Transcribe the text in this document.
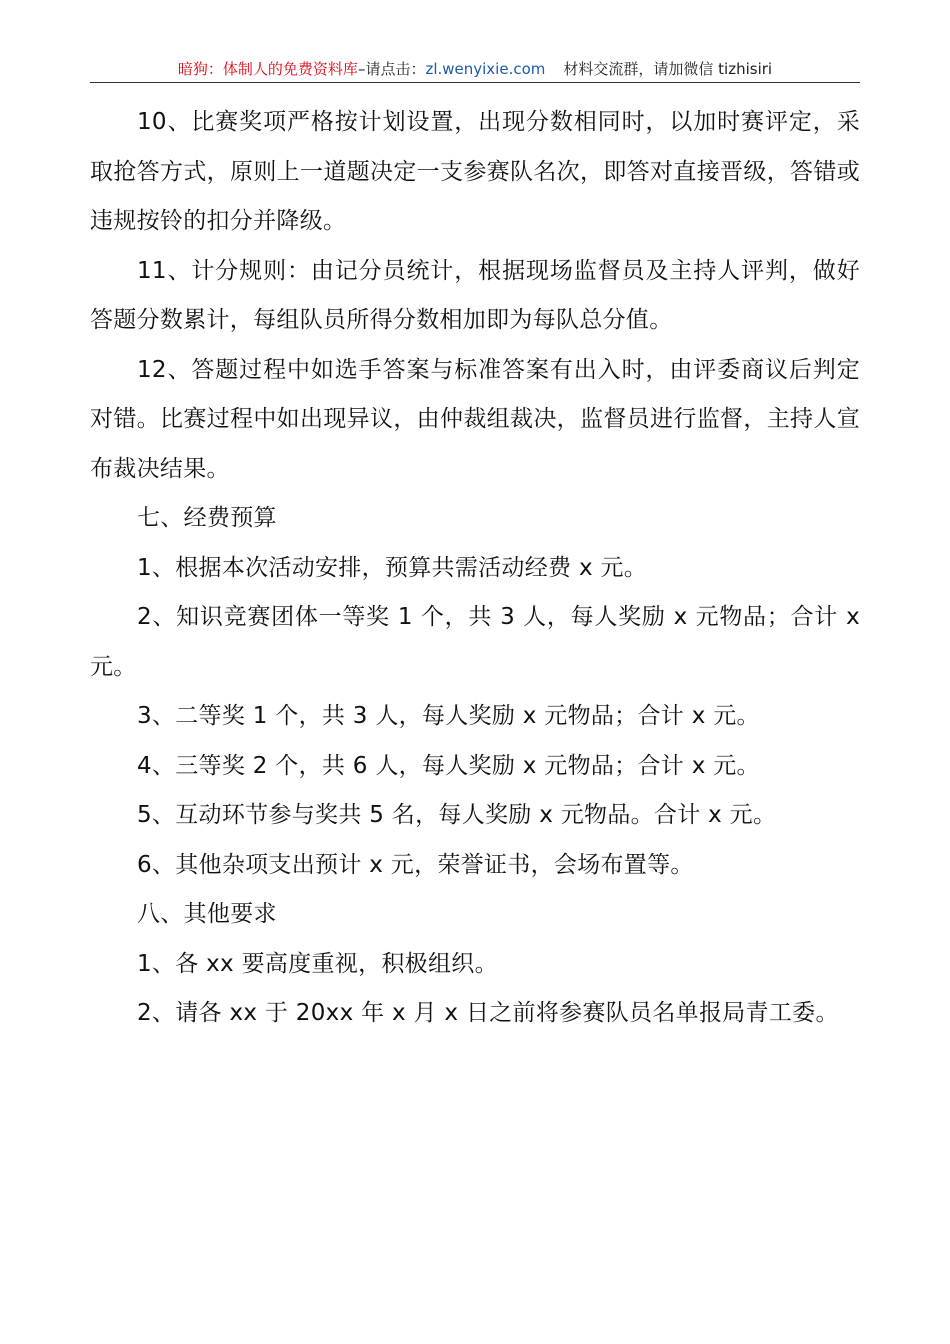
暗狗：体制人的免费资料库–请点击：zl.wenyixie.com 材料交流群，请加微信 tizhisiri

10、比赛奖项严格按计划设置，出现分数相同时，以加时赛评定，采取抢答方式，原则上一道题决定一支参赛队名次，即答对直接晋级，答错或违规按铃的扣分并降级。

11、计分规则：由记分员统计，根据现场监督员及主持人评判，做好答题分数累计，每组队员所得分数相加即为每队总分值。

12、答题过程中如选手答案与标准答案有出入时，由评委商议后判定对错。比赛过程中如出现异议，由仲裁组裁决，监督员进行监督，主持人宣布裁决结果。

七、经费预算

1、根据本次活动安排，预算共需活动经费 x 元。

2、知识竞赛团体一等奖 1 个，共 3 人，每人奖励 x 元物品；合计 x 元。

3、二等奖 1 个，共 3 人，每人奖励 x 元物品；合计 x 元。

4、三等奖 2 个，共 6 人，每人奖励 x 元物品；合计 x 元。

5、互动环节参与奖共 5 名，每人奖励 x 元物品。合计 x 元。

6、其他杂项支出预计 x 元，荣誉证书，会场布置等。

八、其他要求

1、各 xx 要高度重视，积极组织。

2、请各 xx 于 20xx 年 x 月 x 日之前将参赛队员名单报局青工委。
